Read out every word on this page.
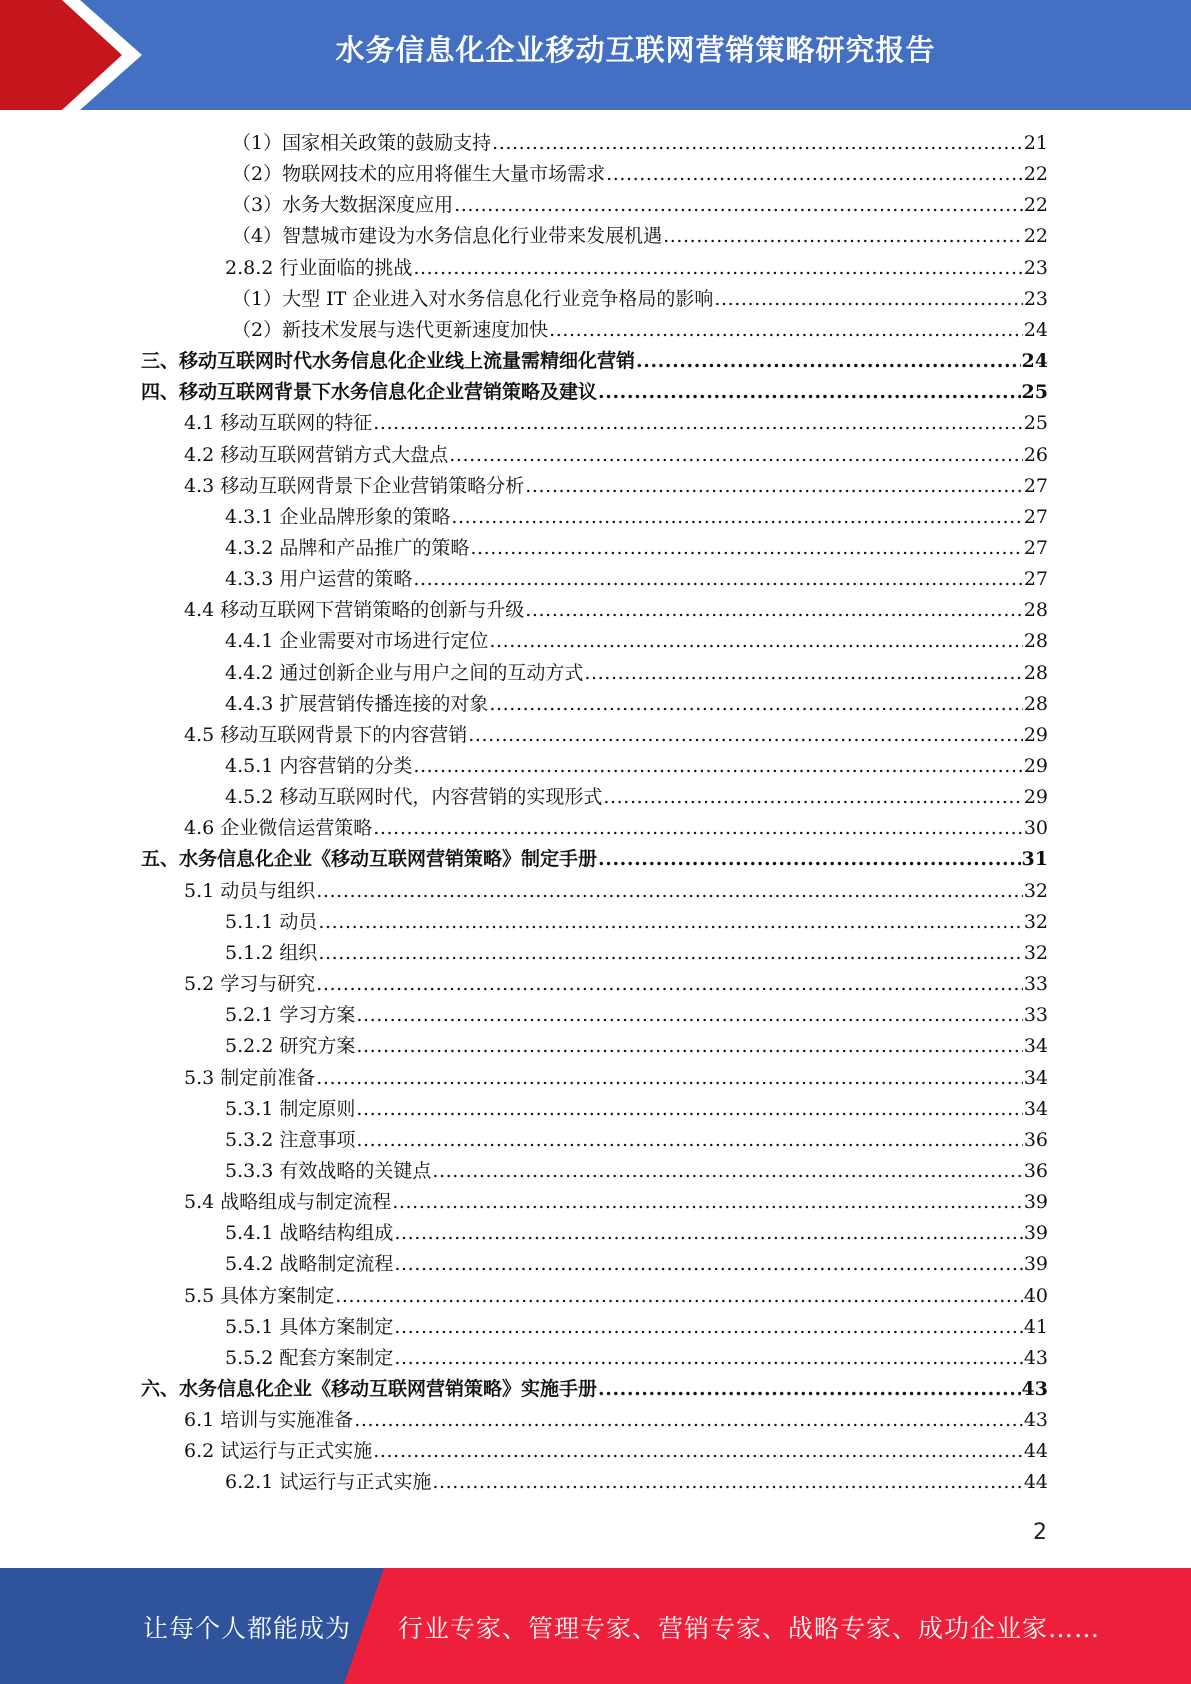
水务信息化企业移动互联网营销策略研究报告
（1）国家相关政策的鼓励支持 .....	21
（2）物联网技术的应用将催生大量市场需求 .....	22
（3）水务大数据深度应用 .....	22
（4）智慧城市建设为水务信息化行业带来发展机遇 .....	22
2.8.2 行业面临的挑战 .....	23
（1）大型 IT 企业进入对水务信息化行业竞争格局的影响 .....	23
（2）新技术发展与迭代更新速度加快 .....	24
三、移动互联网时代水务信息化企业线上流量需精细化营销 .....	24
四、移动互联网背景下水务信息化企业营销策略及建议 .....	25
4.1 移动互联网的特征 .....	25
4.2 移动互联网营销方式大盘点 .....	26
4.3 移动互联网背景下企业营销策略分析 .....	27
4.3.1 企业品牌形象的策略 .....	27
4.3.2 品牌和产品推广的策略 .....	27
4.3.3 用户运营的策略 .....	27
4.4 移动互联网下营销策略的创新与升级 .....	28
4.4.1 企业需要对市场进行定位 .....	28
4.4.2 通过创新企业与用户之间的互动方式 .....	28
4.4.3 扩展营销传播连接的对象 .....	28
4.5 移动互联网背景下的内容营销 .....	29
4.5.1 内容营销的分类 .....	29
4.5.2 移动互联网时代，内容营销的实现形式 .....	29
4.6 企业微信运营策略 .....	30
五、水务信息化企业《移动互联网营销策略》制定手册 .....	31
5.1 动员与组织 .....	32
5.1.1 动员 .....	32
5.1.2 组织 .....	32
5.2 学习与研究 .....	33
5.2.1 学习方案 .....	33
5.2.2 研究方案 .....	34
5.3 制定前准备 .....	34
5.3.1 制定原则 .....	34
5.3.2 注意事项 .....	36
5.3.3 有效战略的关键点 .....	36
5.4 战略组成与制定流程 .....	39
5.4.1 战略结构组成 .....	39
5.4.2 战略制定流程 .....	39
5.5 具体方案制定 .....	40
5.5.1 具体方案制定 .....	41
5.5.2 配套方案制定 .....	43
六、水务信息化企业《移动互联网营销策略》实施手册 .....	43
6.1 培训与实施准备 .....	43
6.2 试运行与正式实施 .....	44
6.2.1 试运行与正式实施 .....	44
2
让每个人都能成为 行业专家、管理专家、营销专家、战略专家、成功企业家……
